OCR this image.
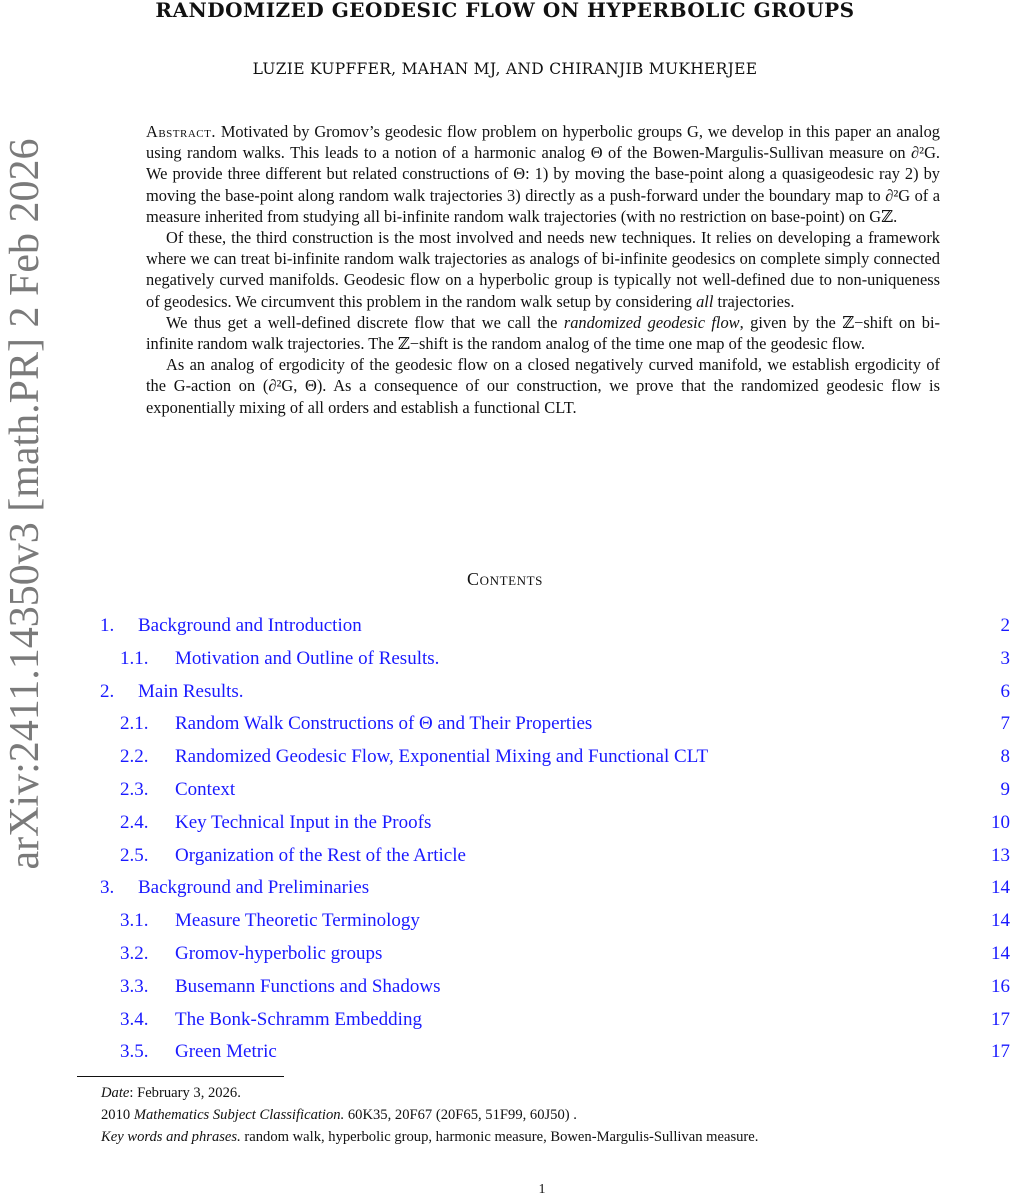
arXiv:2411.14350v3 [math.PR] 2 Feb 2026
RANDOMIZED GEODESIC FLOW ON HYPERBOLIC GROUPS
LUZIE KUPFFER, MAHAN MJ, AND CHIRANJIB MUKHERJEE

Abstract. Motivated by Gromov’s geodesic flow problem on hyperbolic groups G, we develop in this paper an analog using random walks. This leads to a notion of a harmonic analog Θ of the Bowen-Margulis-Sullivan measure on ∂²G. We provide three different but related constructions of Θ: 1) by moving the base-point along a quasigeodesic ray 2) by moving the base-point along random walk trajectories 3) directly as a push-forward under the boundary map to ∂²G of a measure inherited from studying all bi-infinite random walk trajectories (with no restriction on base-point) on Gℤ.

Of these, the third construction is the most involved and needs new techniques. It relies on developing a framework where we can treat bi-infinite random walk trajectories as analogs of bi-infinite geodesics on complete simply connected negatively curved manifolds. Geodesic flow on a hyperbolic group is typically not well-defined due to non-uniqueness of geodesics. We circumvent this problem in the random walk setup by considering all trajectories.

We thus get a well-defined discrete flow that we call the randomized geodesic flow, given by the ℤ−shift on bi-infinite random walk trajectories. The ℤ−shift is the random analog of the time one map of the geodesic flow.

As an analog of ergodicity of the geodesic flow on a closed negatively curved manifold, we establish ergodicity of the G-action on (∂²G, Θ). As a consequence of our construction, we prove that the randomized geodesic flow is exponentially mixing of all orders and establish a functional CLT.

Contents
1. Background and Introduction	2
1.1. Motivation and Outline of Results.	3
2. Main Results.	6
2.1. Random Walk Constructions of Θ and Their Properties	7
2.2. Randomized Geodesic Flow, Exponential Mixing and Functional CLT	8
2.3. Context	9
2.4. Key Technical Input in the Proofs	10
2.5. Organization of the Rest of the Article	13
3. Background and Preliminaries	14
3.1. Measure Theoretic Terminology	14
3.2. Gromov-hyperbolic groups	14
3.3. Busemann Functions and Shadows	16
3.4. The Bonk-Schramm Embedding	17
3.5. Green Metric	17
Date: February 3, 2026.
2010 Mathematics Subject Classification. 60K35, 20F67 (20F65, 51F99, 60J50) .
Key words and phrases. random walk, hyperbolic group, harmonic measure, Bowen-Margulis-Sullivan measure.
1
